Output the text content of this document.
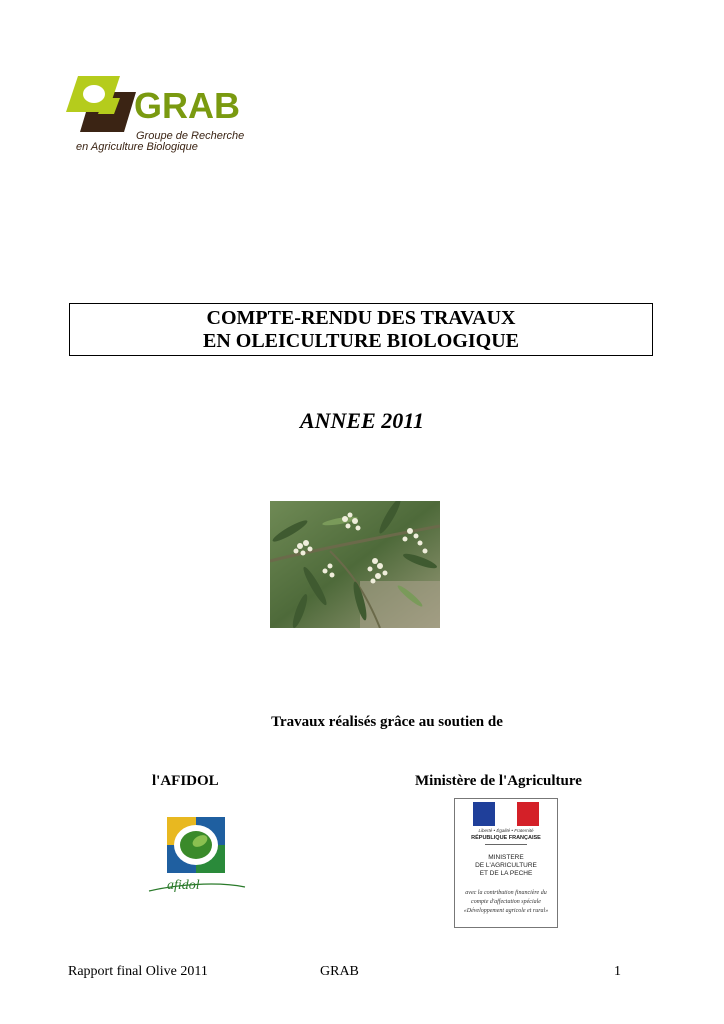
GRAB
Groupe de Recherche
en Agriculture Biologique
COMPTE-RENDU DES TRAVAUX
EN OLEICULTURE BIOLOGIQUE
ANNEE 2011
Travaux réalisés grâce au soutien de
l'AFIDOL	Ministère de l'Agriculture
afidol
Liberté • Égalité • Fraternité
RÉPUBLIQUE FRANÇAISE
MINISTERE
DE L'AGRICULTURE
ET DE LA PECHE
avec la contribution financière du
compte d'affectation spéciale
«Développement agricole et rural»
Rapport final Olive 2011	GRAB	1
